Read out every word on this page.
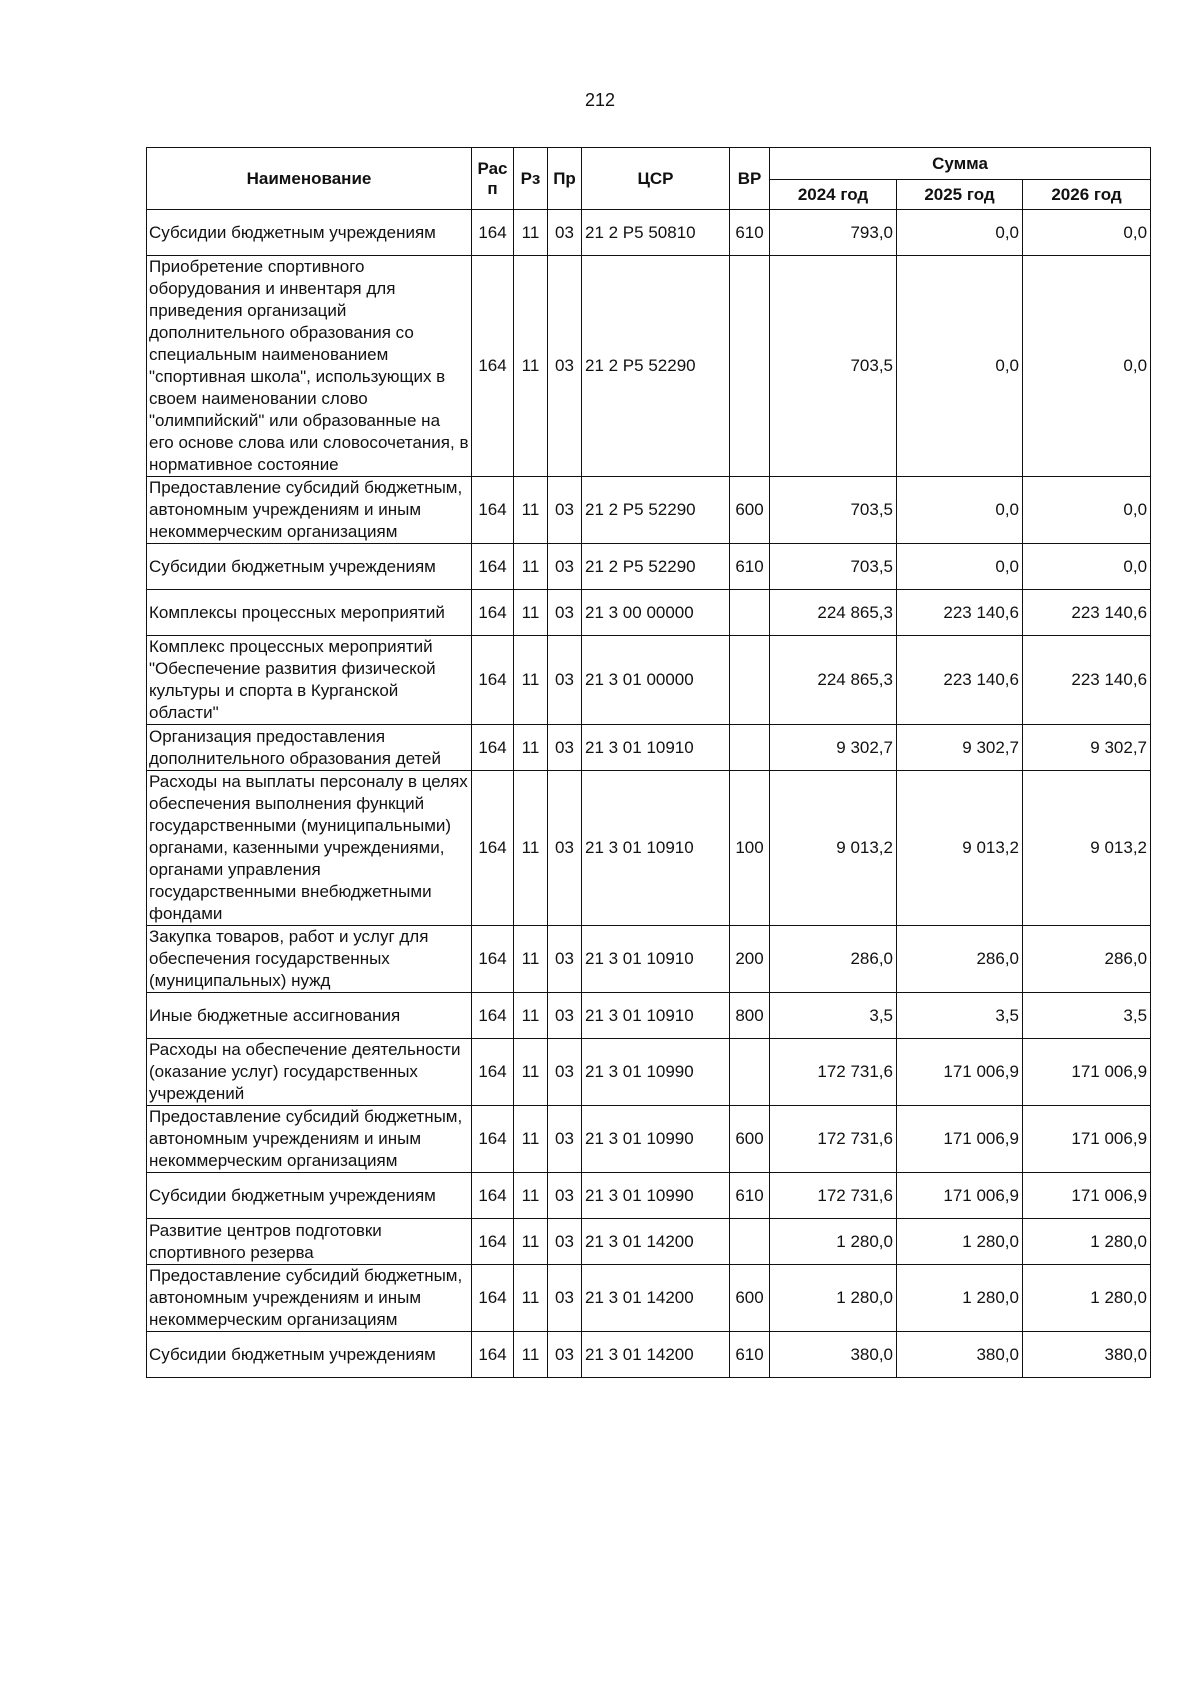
212
Наименование	Рас п	Рз	Пр	ЦСР	ВР	Сумма		
						2024 год	2025 год	2026 год
Субсидии бюджетным учреждениям	164	11	03	21 2 Р5 50810	610	793,0	0,0	0,0
Приобретение спортивного оборудования и инвентаря для приведения организаций дополнительного образования со специальным наименованием "спортивная школа", использующих в своем наименовании слово "олимпийский" или образованные на его основе слова или словосочетания, в нормативное состояние	164	11	03	21 2 Р5 52290		703,5	0,0	0,0
Предоставление субсидий бюджетным, автономным учреждениям и иным некоммерческим организациям	164	11	03	21 2 Р5 52290	600	703,5	0,0	0,0
Субсидии бюджетным учреждениям	164	11	03	21 2 Р5 52290	610	703,5	0,0	0,0
Комплексы процессных мероприятий	164	11	03	21 3 00 00000		224 865,3	223 140,6	223 140,6
Комплекс процессных мероприятий "Обеспечение развития физической культуры и спорта в Курганской области"	164	11	03	21 3 01 00000		224 865,3	223 140,6	223 140,6
Организация предоставления дополнительного образования детей	164	11	03	21 3 01 10910		9 302,7	9 302,7	9 302,7
Расходы на выплаты персоналу в целях обеспечения выполнения функций государственными (муниципальными) органами, казенными учреждениями, органами управления государственными внебюджетными фондами	164	11	03	21 3 01 10910	100	9 013,2	9 013,2	9 013,2
Закупка товаров, работ и услуг для обеспечения государственных (муниципальных) нужд	164	11	03	21 3 01 10910	200	286,0	286,0	286,0
Иные бюджетные ассигнования	164	11	03	21 3 01 10910	800	3,5	3,5	3,5
Расходы на обеспечение деятельности (оказание услуг) государственных учреждений	164	11	03	21 3 01 10990		172 731,6	171 006,9	171 006,9
Предоставление субсидий бюджетным, автономным учреждениям и иным некоммерческим организациям	164	11	03	21 3 01 10990	600	172 731,6	171 006,9	171 006,9
Субсидии бюджетным учреждениям	164	11	03	21 3 01 10990	610	172 731,6	171 006,9	171 006,9
Развитие центров подготовки спортивного резерва	164	11	03	21 3 01 14200		1 280,0	1 280,0	1 280,0
Предоставление субсидий бюджетным, автономным учреждениям и иным некоммерческим организациям	164	11	03	21 3 01 14200	600	1 280,0	1 280,0	1 280,0
Субсидии бюджетным учреждениям	164	11	03	21 3 01 14200	610	380,0	380,0	380,0
